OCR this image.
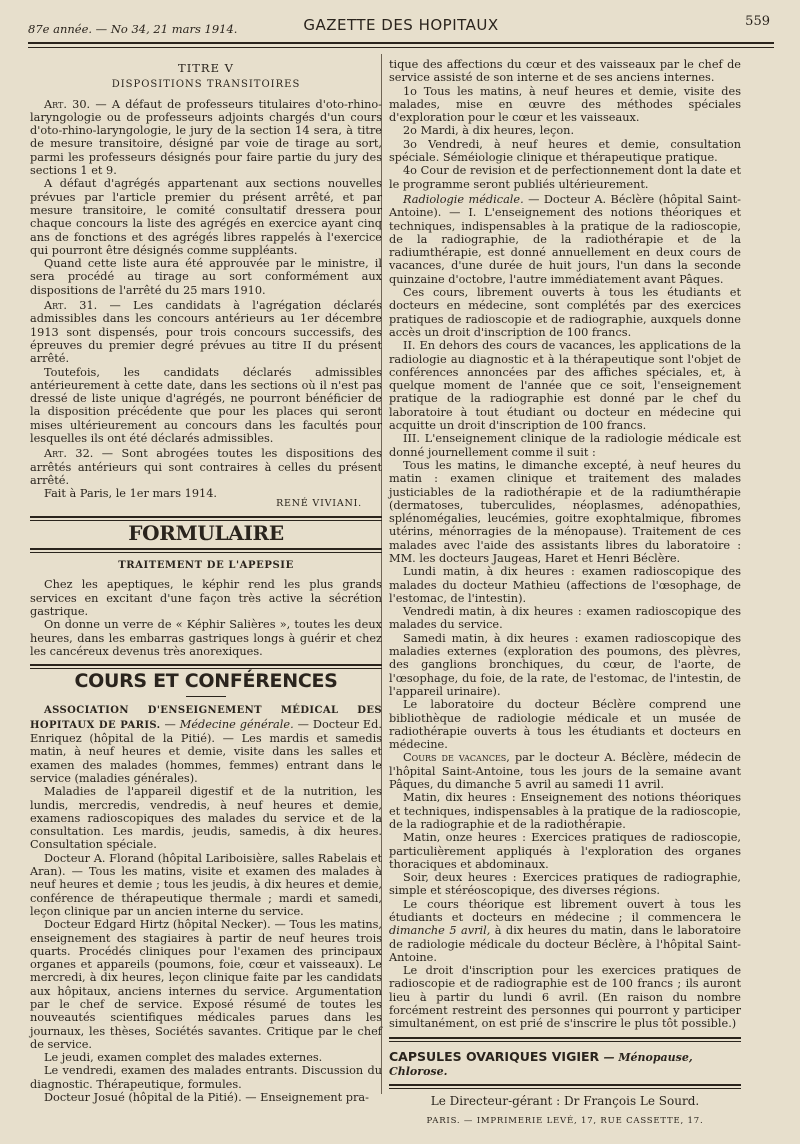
87e année. — No 34, 21 mars 1914.	GAZETTE DES HOPITAUX	559
TITRE V
DISPOSITIONS TRANSITOIRES

Art. 30. — A défaut de professeurs titulaires d'oto-rhino-laryngologie ou de professeurs adjoints chargés d'un cours d'oto-rhino-laryngologie, le jury de la section 14 sera, à titre de mesure transitoire, désigné par voie de tirage au sort, parmi les professeurs désignés pour faire partie du jury des sections 1 et 9.

A défaut d'agrégés appartenant aux sections nouvelles prévues par l'article premier du présent arrêté, et par mesure transitoire, le comité consultatif dressera pour chaque concours la liste des agrégés en exercice ayant cinq ans de fonctions et des agrégés libres rappelés à l'exercice qui pourront être désignés comme suppléants.

Quand cette liste aura été approuvée par le ministre, il sera procédé au tirage au sort conformément aux dispositions de l'arrêté du 25 mars 1910.

Art. 31. — Les candidats à l'agrégation déclarés admissibles dans les concours antérieurs au 1er décembre 1913 sont dispensés, pour trois concours successifs, des épreuves du premier degré prévues au titre II du présent arrêté.

Toutefois, les candidats déclarés admissibles antérieurement à cette date, dans les sections où il n'est pas dressé de liste unique d'agrégés, ne pourront bénéficier de la disposition précédente que pour les places qui seront mises ultérieurement au concours dans les facultés pour lesquelles ils ont été déclarés admissibles.

Art. 32. — Sont abrogées toutes les dispositions des arrêtés antérieurs qui sont contraires à celles du présent arrêté.

Fait à Paris, le 1er mars 1914.

RENÉ VIVIANI.
FORMULAIRE
TRAITEMENT DE L'APEPSIE

Chez les apeptiques, le képhir rend les plus grands services en excitant d'une façon très active la sécrétion gastrique.

On donne un verre de « Képhir Salières », toutes les deux heures, dans les embarras gastriques longs à guérir et chez les cancéreux devenus très anorexiques.

COURS ET CONFÉRENCES

ASSOCIATION D'ENSEIGNEMENT MÉDICAL DES HOPITAUX DE PARIS. — Médecine générale. — Docteur Ed. Enriquez (hôpital de la Pitié). — Les mardis et samedis matin, à neuf heures et demie, visite dans les salles et examen des malades (hommes, femmes) entrant dans le service (maladies générales).

Maladies de l'appareil digestif et de la nutrition, les lundis, mercredis, vendredis, à neuf heures et demie, examens radioscopiques des malades du service et de la consultation. Les mardis, jeudis, samedis, à dix heures. Consultation spéciale.

Docteur A. Florand (hôpital Lariboisière, salles Rabelais et Aran). — Tous les matins, visite et examen des malades à neuf heures et demie ; tous les jeudis, à dix heures et demie, conférence de thérapeutique thermale ; mardi et samedi, leçon clinique par un ancien interne du service.

Docteur Edgard Hirtz (hôpital Necker). — Tous les matins, enseignement des stagiaires à partir de neuf heures trois quarts. Procédés cliniques pour l'examen des principaux organes et appareils (poumons, foie, cœur et vaisseaux). Le mercredi, à dix heures, leçon clinique faite par les candidats aux hôpitaux, anciens internes du service. Argumentation par le chef de service. Exposé résumé de toutes les nouveautés scientifiques médicales parues dans les journaux, les thèses, Sociétés savantes. Critique par le chef de service.

Le jeudi, examen complet des malades externes.

Le vendredi, examen des malades entrants. Discussion du diagnostic. Thérapeutique, formules.

Docteur Josué (hôpital de la Pitié). — Enseignement pra-

tique des affections du cœur et des vaisseaux par le chef de service assisté de son interne et de ses anciens internes.

1o Tous les matins, à neuf heures et demie, visite des malades, mise en œuvre des méthodes spéciales d'exploration pour le cœur et les vaisseaux.

2o Mardi, à dix heures, leçon.

3o Vendredi, à neuf heures et demie, consultation spéciale. Séméiologie clinique et thérapeutique pratique.

4o Cour de revision et de perfectionnement dont la date et le programme seront publiés ultérieurement.

Radiologie médicale. — Docteur A. Béclère (hôpital Saint-Antoine). — I. L'enseignement des notions théoriques et techniques, indispensables à la pratique de la radioscopie, de la radiographie, de la radiothérapie et de la radiumthérapie, est donné annuellement en deux cours de vacances, d'une durée de huit jours, l'un dans la seconde quinzaine d'octobre, l'autre immédiatement avant Pâques.

Ces cours, librement ouverts à tous les étudiants et docteurs en médecine, sont complétés par des exercices pratiques de radioscopie et de radiographie, auxquels donne accès un droit d'inscription de 100 francs.

II. En dehors des cours de vacances, les applications de la radiologie au diagnostic et à la thérapeutique sont l'objet de conférences annoncées par des affiches spéciales, et, à quelque moment de l'année que ce soit, l'enseignement pratique de la radiographie est donné par le chef du laboratoire à tout étudiant ou docteur en médecine qui acquitte un droit d'inscription de 100 francs.

III. L'enseignement clinique de la radiologie médicale est donné journellement comme il suit :

Tous les matins, le dimanche excepté, à neuf heures du matin : examen clinique et traitement des malades justiciables de la radiothérapie et de la radiumthérapie (dermatoses, tuberculides, néoplasmes, adénopathies, splénomégalies, leucémies, goitre exophtalmique, fibromes utérins, ménorragies de la ménopause). Traitement de ces malades avec l'aide des assistants libres du laboratoire : MM. les docteurs Jaugeas, Haret et Henri Béclère.

Lundi matin, à dix heures : examen radioscopique des malades du docteur Mathieu (affections de l'œsophage, de l'estomac, de l'intestin).

Vendredi matin, à dix heures : examen radioscopique des malades du service.

Samedi matin, à dix heures : examen radioscopique des maladies externes (exploration des poumons, des plèvres, des ganglions bronchiques, du cœur, de l'aorte, de l'œsophage, du foie, de la rate, de l'estomac, de l'intestin, de l'appareil urinaire).

Le laboratoire du docteur Béclère comprend une bibliothèque de radiologie médicale et un musée de radiothérapie ouverts à tous les étudiants et docteurs en médecine.

Cours de vacances, par le docteur A. Béclère, médecin de l'hôpital Saint-Antoine, tous les jours de la semaine avant Pâques, du dimanche 5 avril au samedi 11 avril.

Matin, dix heures : Enseignement des notions théoriques et techniques, indispensables à la pratique de la radioscopie, de la radiographie et de la radiothérapie.

Matin, onze heures : Exercices pratiques de radioscopie, particulièrement appliqués à l'exploration des organes thoraciques et abdominaux.

Soir, deux heures : Exercices pratiques de radiographie, simple et stéréoscopique, des diverses régions.

Le cours théorique est librement ouvert à tous les étudiants et docteurs en médecine ; il commencera le dimanche 5 avril, à dix heures du matin, dans le laboratoire de radiologie médicale du docteur Béclère, à l'hôpital Saint-Antoine.

Le droit d'inscription pour les exercices pratiques de radioscopie et de radiographie est de 100 francs ; ils auront lieu à partir du lundi 6 avril. (En raison du nombre forcément restreint des personnes qui pourront y participer simultanément, on est prié de s'inscrire le plus tôt possible.)

CAPSULES OVARIQUES VIGIER — Ménopause, Chlorose.

Le Directeur-gérant : Dr François Le Sourd.

PARIS. — IMPRIMERIE LEVÉ, 17, RUE CASSETTE, 17.
